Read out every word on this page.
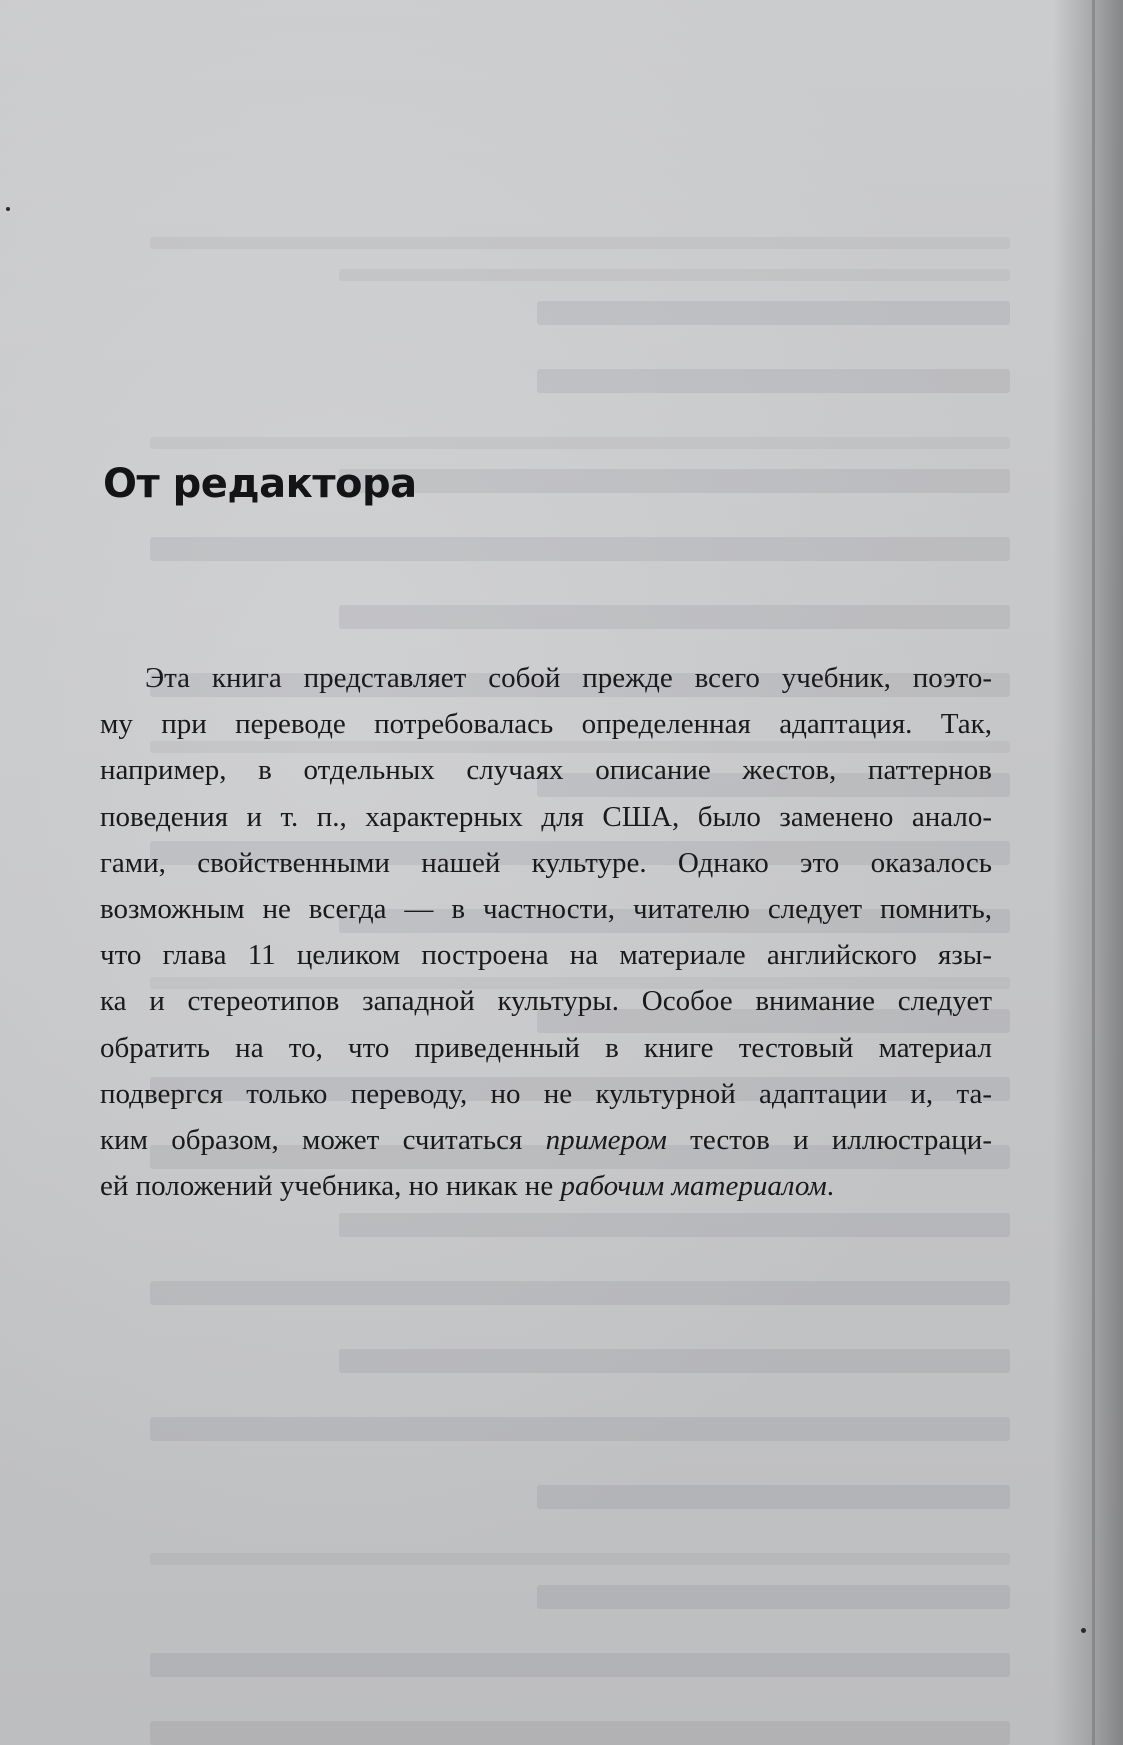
От редактора
Эта книга представляет собой прежде всего учебник, поэто-
му при переводе потребовалась определенная адаптация. Так,
например, в отдельных случаях описание жестов, паттернов
поведения и т. п., характерных для США, было заменено анало-
гами, свойственными нашей культуре. Однако это оказалось
возможным не всегда — в частности, читателю следует помнить,
что глава 11 целиком построена на материале английского язы-
ка и стереотипов западной культуры. Особое внимание следует
обратить на то, что приведенный в книге тестовый материал
подвергся только переводу, но не культурной адаптации и, та-
ким образом, может считаться примером тестов и иллюстраци-
ей положений учебника, но никак не рабочим материалом.
